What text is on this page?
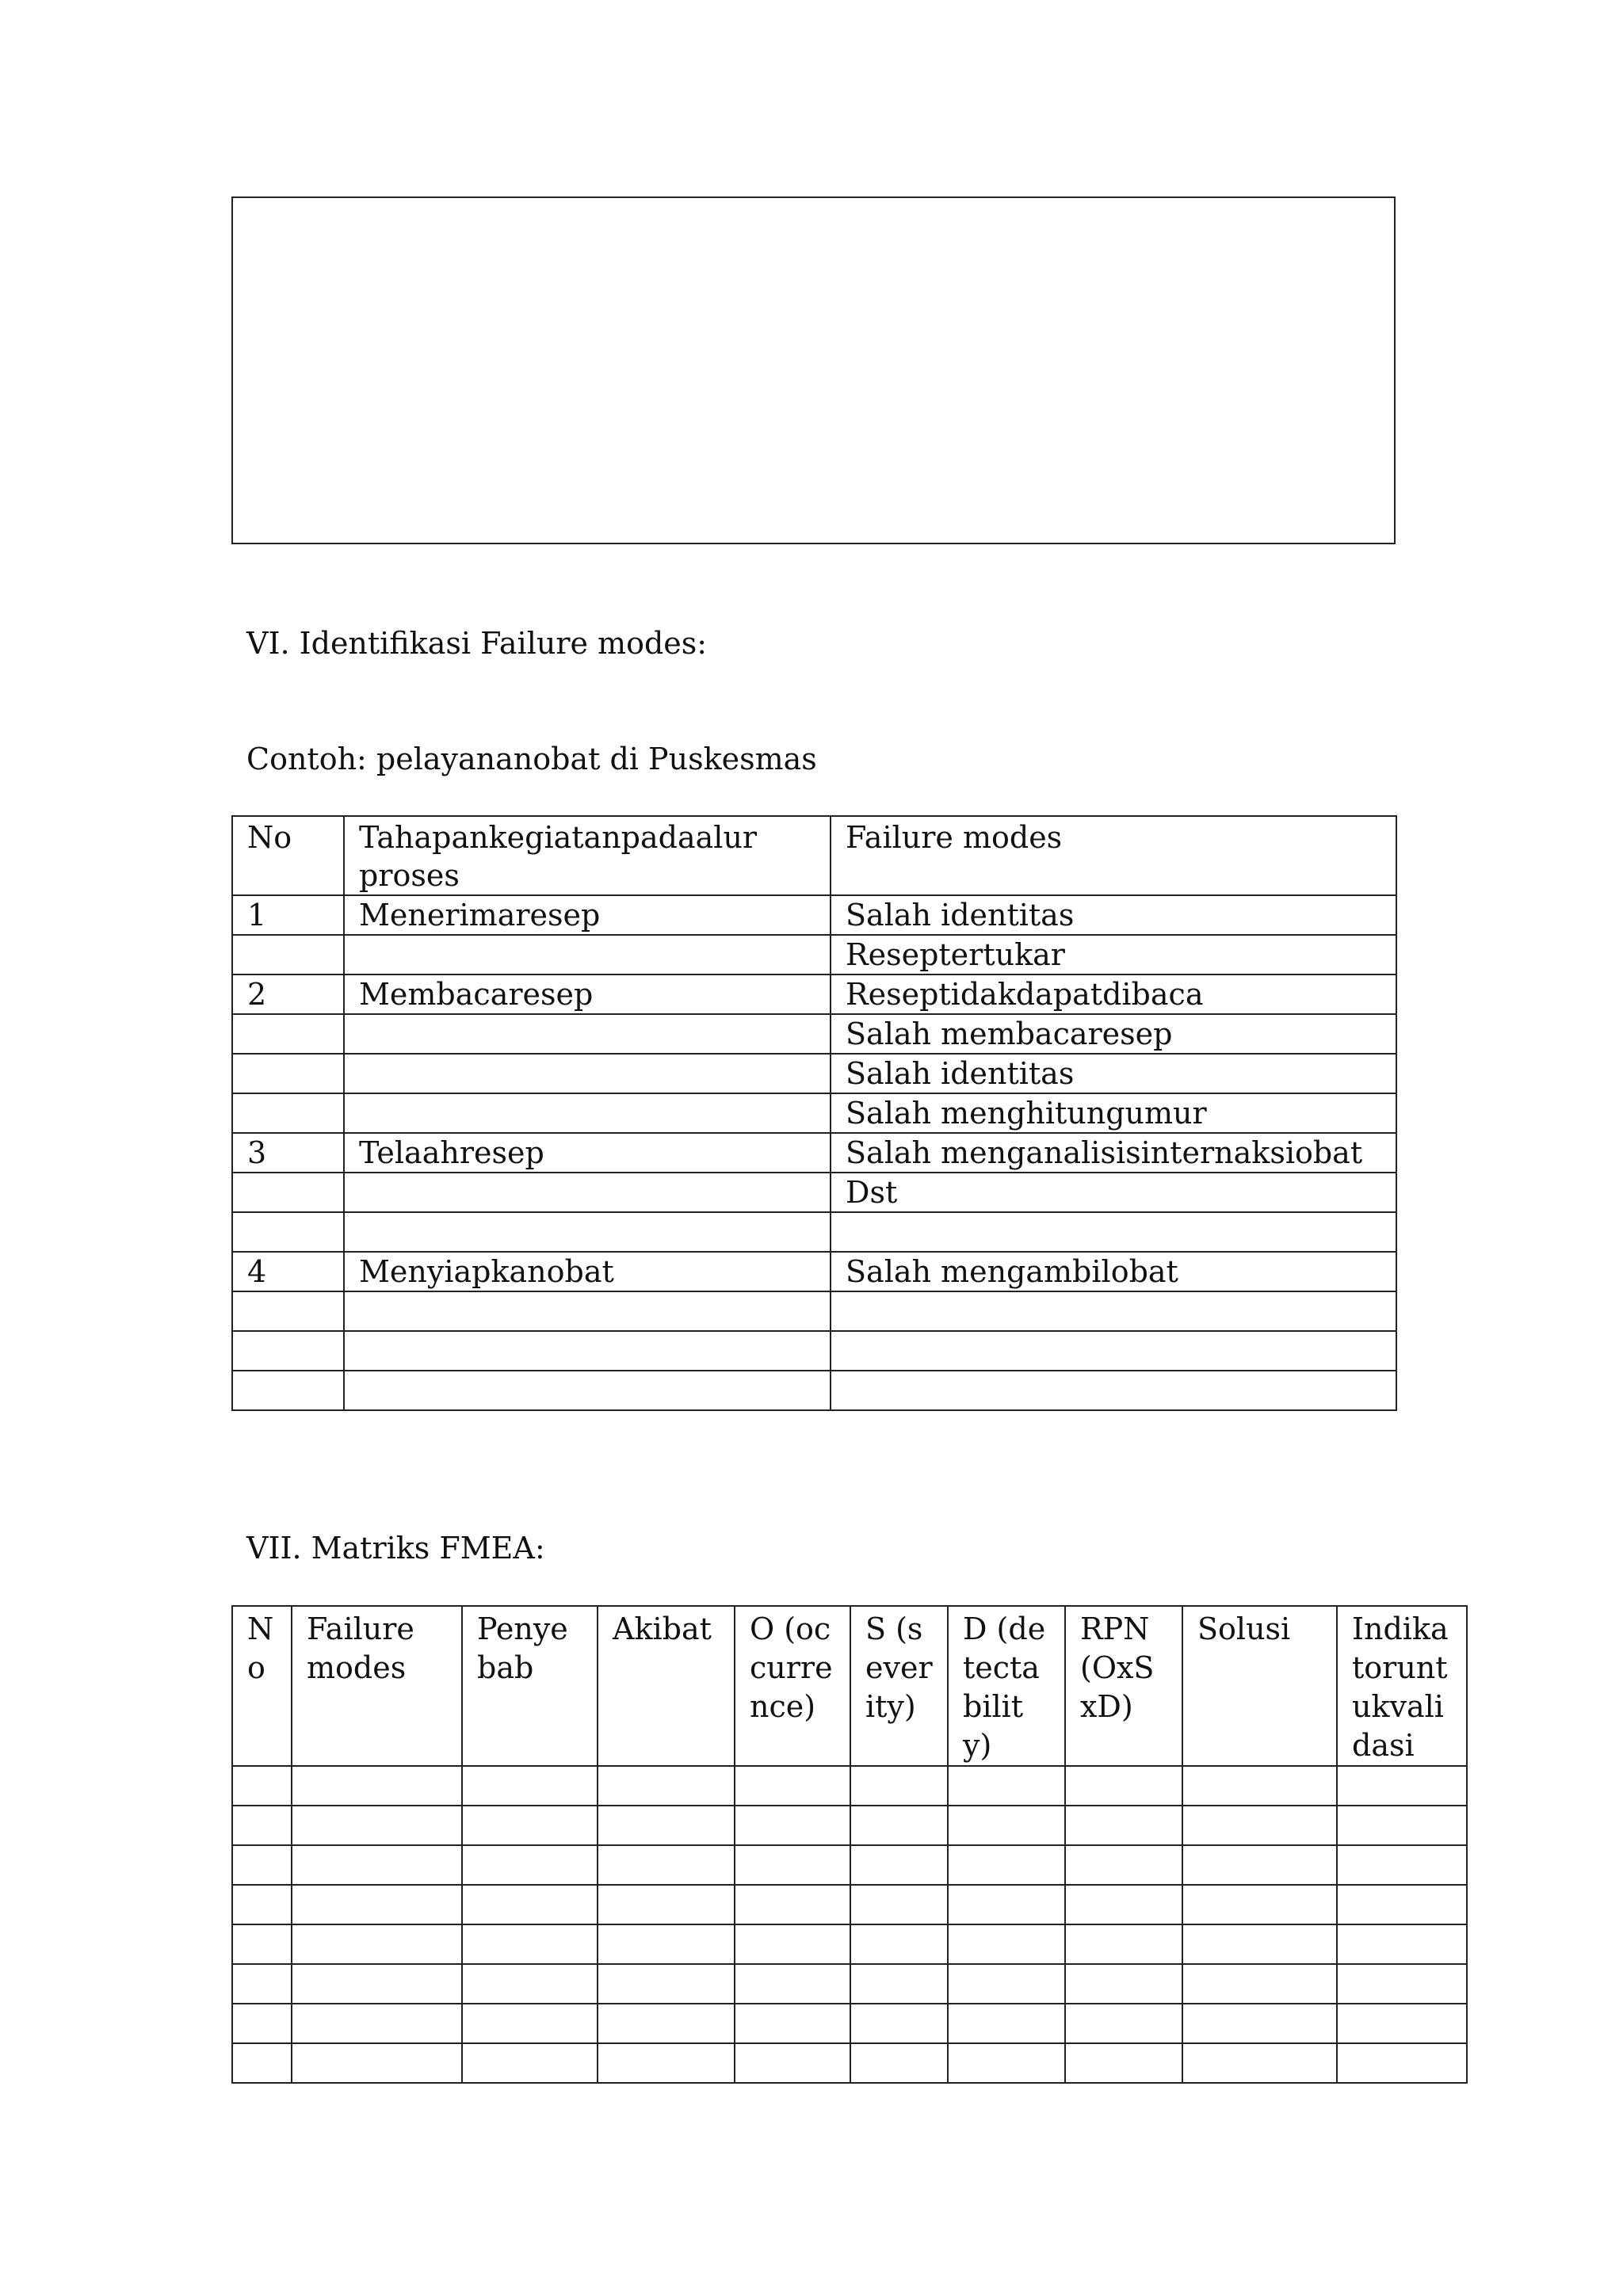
VI. Identifikasi Failure modes:
Contoh: pelayananobat di Puskesmas
No	Tahapankegiatanpadaalur proses	Failure modes
1	Menerimaresep	Salah identitas
		Reseptertukar
2	Membacaresep	Reseptidakdapatdibaca
		Salah membacaresep
		Salah identitas
		Salah menghitungumur
3	Telaahresep	Salah menganalisisinternaksiobat
		Dst

4	Menyiapkanobat	Salah mengambilobat

VII. Matriks FMEA:
No	Failure modes	Penyebab	Akibat	O (occurrence)	S (severity)	D (detectability)	RPN (OxSxD)	Solusi	Indikatoruntukvalidasi
